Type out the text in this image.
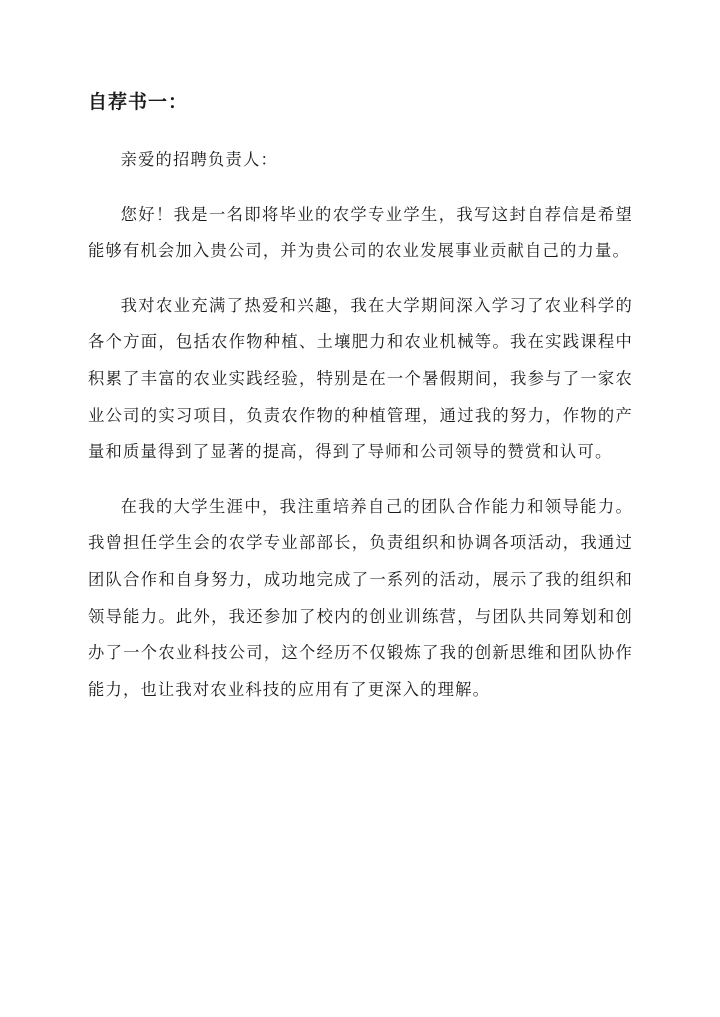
自荐书一：

亲爱的招聘负责人：

您好！我是一名即将毕业的农学专业学生，我写这封自荐信是希望能够有机会加入贵公司，并为贵公司的农业发展事业贡献自己的力量。

我对农业充满了热爱和兴趣，我在大学期间深入学习了农业科学的各个方面，包括农作物种植、土壤肥力和农业机械等。我在实践课程中积累了丰富的农业实践经验，特别是在一个暑假期间，我参与了一家农业公司的实习项目，负责农作物的种植管理，通过我的努力，作物的产量和质量得到了显著的提高，得到了导师和公司领导的赞赏和认可。

在我的大学生涯中，我注重培养自己的团队合作能力和领导能力。我曾担任学生会的农学专业部部长，负责组织和协调各项活动，我通过团队合作和自身努力，成功地完成了一系列的活动，展示了我的组织和领导能力。此外，我还参加了校内的创业训练营，与团队共同筹划和创办了一个农业科技公司，这个经历不仅锻炼了我的创新思维和团队协作能力，也让我对农业科技的应用有了更深入的理解。
